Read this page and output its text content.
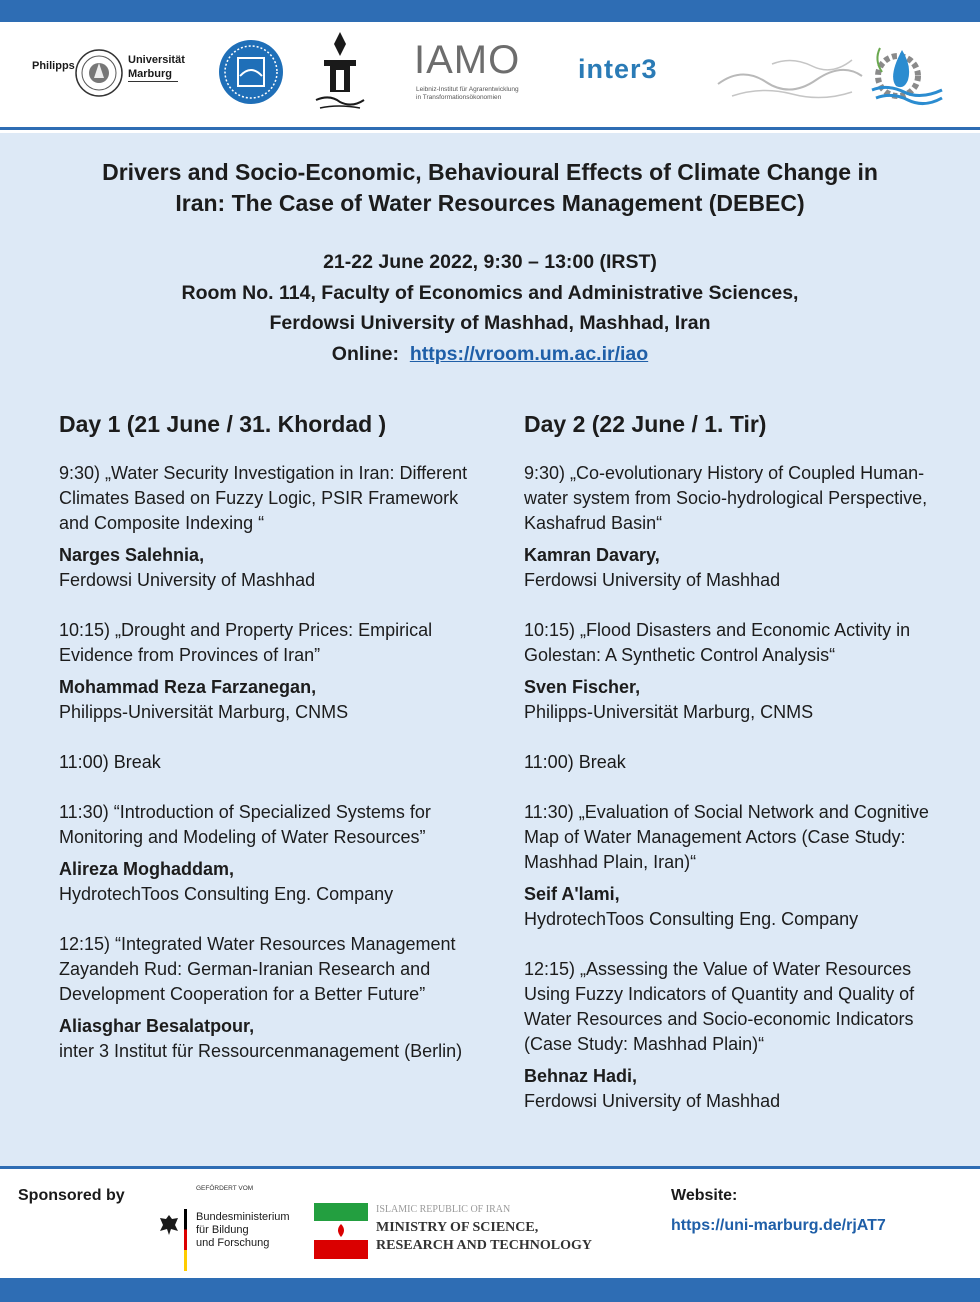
Philipps	Universität
Marburg	IAMO
Leibniz-Institut für Agrarentwicklung
in Transformationsökonomien
inter3
Drivers and Socio-Economic, Behavioural Effects of Climate Change in
Iran: The Case of Water Resources Management (DEBEC)
21-22 June 2022, 9:30 – 13:00 (IRST)
Room No. 114, Faculty of Economics and Administrative Sciences,
Ferdowsi University of Mashhad, Mashhad, Iran
Online: https://vroom.um.ac.ir/iao
Day 1 (21 June / 31. Khordad )
9:30) „Water Security Investigation in Iran: Different Climates Based on Fuzzy Logic, PSIR Framework and Composite Indexing “
Narges Salehnia,
Ferdowsi University of Mashhad
10:15) „Drought and Property Prices: Empirical Evidence from Provinces of Iran”
Mohammad Reza Farzanegan,
Philipps-Universität Marburg, CNMS
11:00) Break
11:30) “Introduction of Specialized Systems for Monitoring and Modeling of Water Resources”
Alireza Moghaddam,
HydrotechToos Consulting Eng. Company
12:15) “Integrated Water Resources Management Zayandeh Rud: German-Iranian Research and Development Cooperation for a Better Future”
Aliasghar Besalatpour,
inter 3 Institut für Ressourcenmanagement (Berlin)
Day 2 (22 June / 1. Tir)
9:30) „Co-evolutionary History of Coupled Human-water system from Socio-hydrological Perspective, Kashafrud Basin“
Kamran Davary,
Ferdowsi University of Mashhad
10:15) „Flood Disasters and Economic Activity in Golestan: A Synthetic Control Analysis“
Sven Fischer,
Philipps-Universität Marburg, CNMS
11:00) Break
11:30) „Evaluation of Social Network and Cognitive Map of Water Management Actors (Case Study: Mashhad Plain, Iran)“
Seif A'lami,
HydrotechToos Consulting Eng. Company
12:15) „Assessing the Value of Water Resources Using Fuzzy Indicators of Quantity and Quality of Water Resources and Socio-economic Indicators (Case Study: Mashhad Plain)“
Behnaz Hadi,
Ferdowsi University of Mashhad
Sponsored by	GEFÖRDERT VOM
Bundesministerium
für Bildung
und Forschung
ISLAMIC REPUBLIC OF IRAN
MINISTRY OF SCIENCE,
RESEARCH AND TECHNOLOGY
Website:
https://uni-marburg.de/rjAT7
